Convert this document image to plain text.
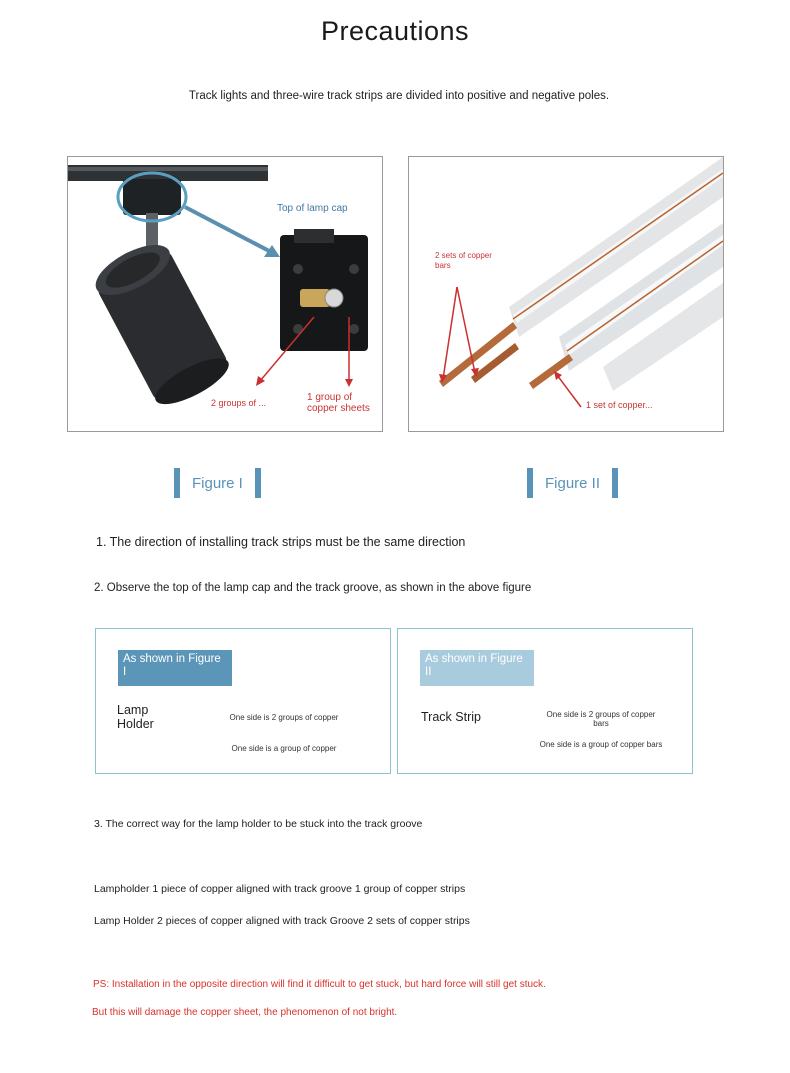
Precautions
Track lights and three-wire track strips are divided into positive and negative poles.
Top of lamp cap
2 groups of ...	1 group of copper sheets
2 sets of copper bars
1 set of copper...
Figure I	Figure II
1. The direction of installing track strips must be the same direction
2. Observe the top of the lamp cap and the track groove, as shown in the above figure
As shown in Figure I
Lamp Holder	One side is 2 groups of copper
One side is a group of copper
As shown in Figure II
Track Strip	One side is 2 groups of copper bars
One side is a group of copper bars
3. The correct way for the lamp holder to be stuck into the track groove
Lampholder 1 piece of copper aligned with track groove 1 group of copper strips
Lamp Holder 2 pieces of copper aligned with track Groove 2 sets of copper strips
PS: Installation in the opposite direction will find it difficult to get stuck, but hard force will still get stuck.
But this will damage the copper sheet, the phenomenon of not bright.
